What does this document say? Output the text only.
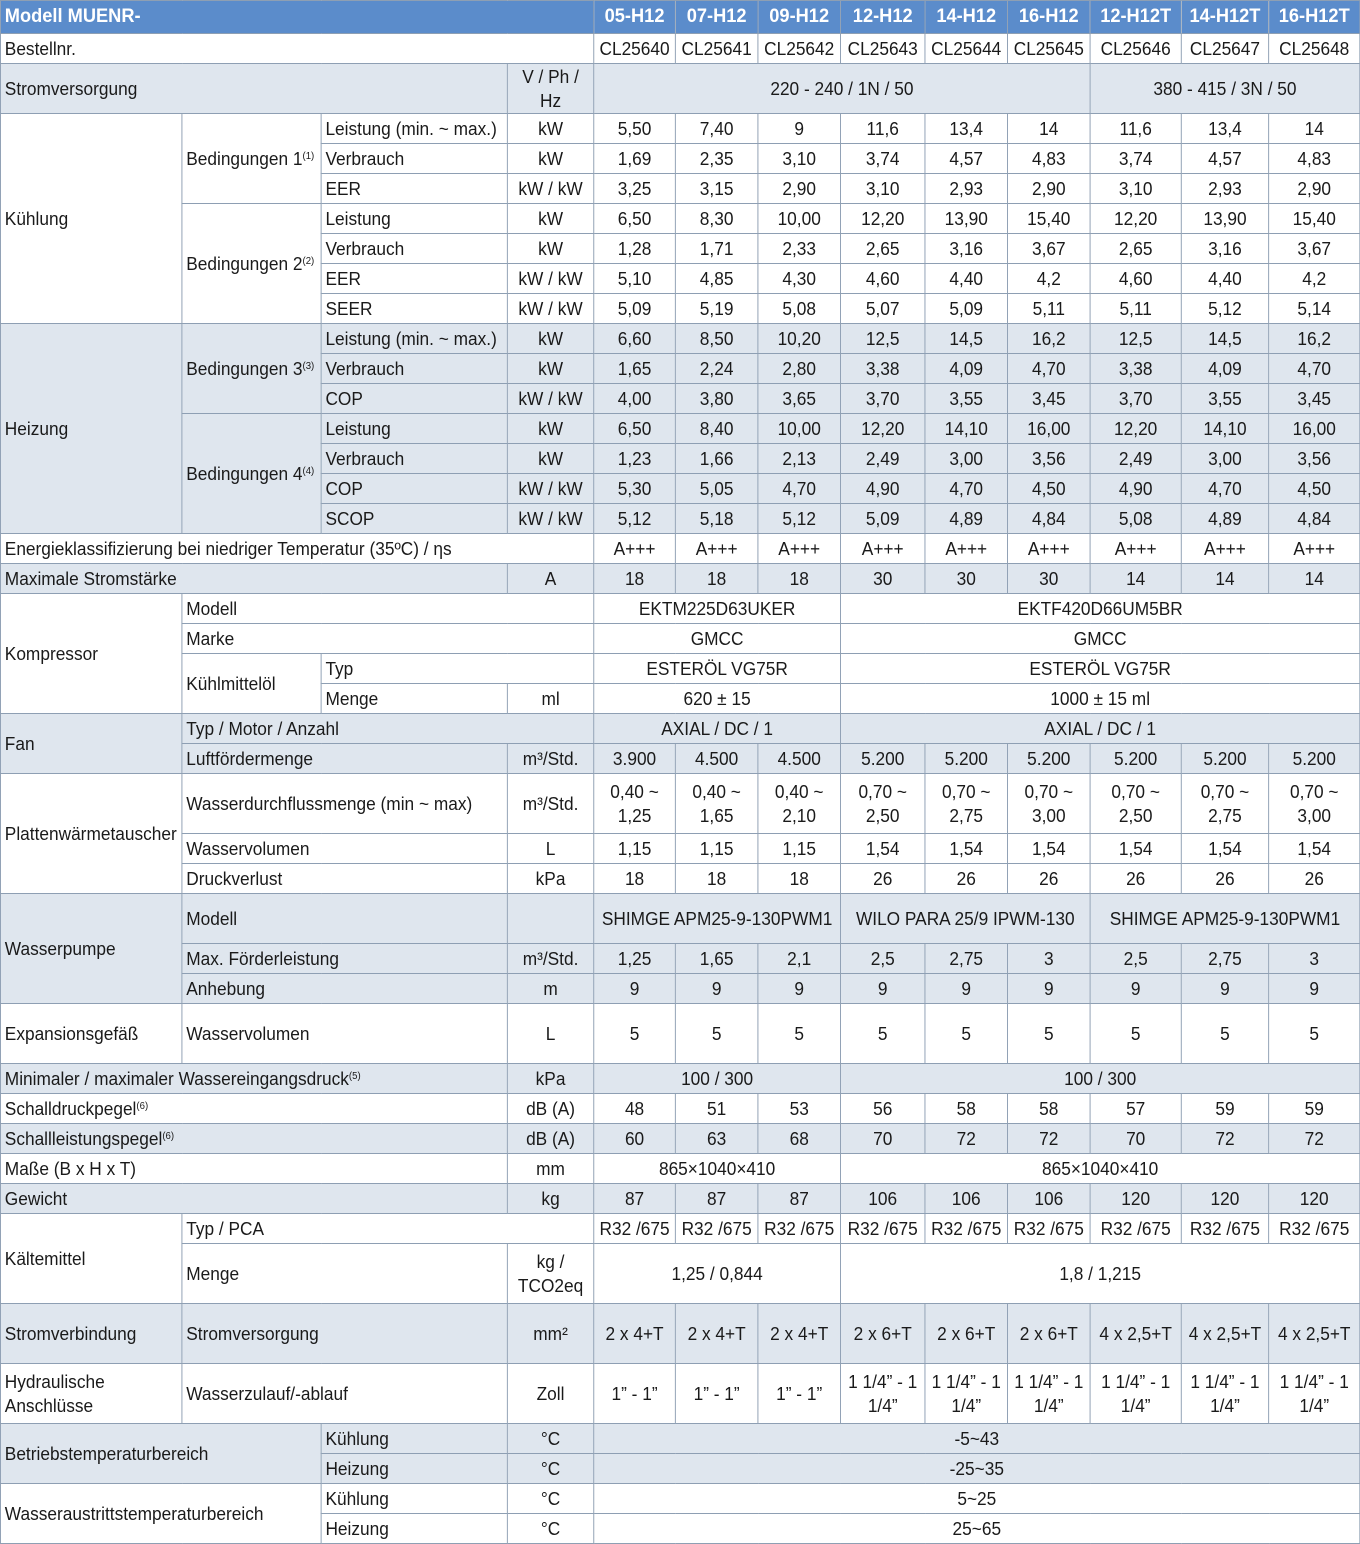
Modell MUENR-				05-H12	07-H12	09-H12	12-H12	14-H12	16-H12	12-H12T	14-H12T	16-H12T
Bestellnr.				CL25640	CL25641	CL25642	CL25643	CL25644	CL25645	CL25646	CL25647	CL25648
Stromversorgung			V / Ph / Hz	220 - 240 / 1N / 50						380 - 415 / 3N / 50		
Kühlung	Bedingungen 1$^{(1)}$	Leistung (min. ~ max.)	kW	5,50	7,40	9	11,6	13,4	14	11,6	13,4	14
		Verbrauch	kW	1,69	2,35	3,10	3,74	4,57	4,83	3,74	4,57	4,83
		EER	kW / kW	3,25	3,15	2,90	3,10	2,93	2,90	3,10	2,93	2,90
	Bedingungen 2$^{(2)}$	Leistung	kW	6,50	8,30	10,00	12,20	13,90	15,40	12,20	13,90	15,40
		Verbrauch	kW	1,28	1,71	2,33	2,65	3,16	3,67	2,65	3,16	3,67
		EER	kW / kW	5,10	4,85	4,30	4,60	4,40	4,2	4,60	4,40	4,2
		SEER	kW / kW	5,09	5,19	5,08	5,07	5,09	5,11	5,11	5,12	5,14
Heizung	Bedingungen 3$^{(3)}$	Leistung (min. ~ max.)	kW	6,60	8,50	10,20	12,5	14,5	16,2	12,5	14,5	16,2
		Verbrauch	kW	1,65	2,24	2,80	3,38	4,09	4,70	3,38	4,09	4,70
		COP	kW / kW	4,00	3,80	3,65	3,70	3,55	3,45	3,70	3,55	3,45
	Bedingungen 4$^{(4)}$	Leistung	kW	6,50	8,40	10,00	12,20	14,10	16,00	12,20	14,10	16,00
		Verbrauch	kW	1,23	1,66	2,13	2,49	3,00	3,56	2,49	3,00	3,56
		COP	kW / kW	5,30	5,05	4,70	4,90	4,70	4,50	4,90	4,70	4,50
		SCOP	kW / kW	5,12	5,18	5,12	5,09	4,89	4,84	5,08	4,89	4,84
Energieklassifizierung bei niedriger Temperatur (35ºC) / ηs				A+++	A+++	A+++	A+++	A+++	A+++	A+++	A+++	A+++
Maximale Stromstärke			A	18	18	18	30	30	30	14	14	14
Kompressor	Modell			EKTM225D63UKER			EKTF420D66UM5BR					
	Marke			GMCC			GMCC					
	Kühlmittelöl	Typ		ESTERÖL VG75R			ESTERÖL VG75R					
		Menge	ml	620 ± 15			1000 ± 15 ml					
Fan	Typ / Motor / Anzahl			AXIAL / DC / 1			AXIAL / DC / 1					
	Luftfördermenge		m³/Std.	3.900	4.500	4.500	5.200	5.200	5.200	5.200	5.200	5.200
Plattenwärmetauscher	Wasserdurchflussmenge (min ~ max)		m³/Std.	0,40 ~ 1,25	0,40 ~ 1,65	0,40 ~ 2,10	0,70 ~ 2,50	0,70 ~ 2,75	0,70 ~ 3,00	0,70 ~ 2,50	0,70 ~ 2,75	0,70 ~ 3,00
	Wasservolumen		L	1,15	1,15	1,15	1,54	1,54	1,54	1,54	1,54	1,54
	Druckverlust		kPa	18	18	18	26	26	26	26	26	26
Wasserpumpe	Modell			SHIMGE APM25-9-130PWM1			WILO PARA 25/9 IPWM-130			SHIMGE APM25-9-130PWM1		
	Max. Förderleistung		m³/Std.	1,25	1,65	2,1	2,5	2,75	3	2,5	2,75	3
	Anhebung		m	9	9	9	9	9	9	9	9	9
Expansionsgefäß	Wasservolumen		L	5	5	5	5	5	5	5	5	5
Minimaler / maximaler Wassereingangsdruck$^{(5)}$			kPa	100 / 300			100 / 300					
Schalldruckpegel$^{(6)}$			dB (A)	48	51	53	56	58	58	57	59	59
Schallleistungspegel$^{(6)}$			dB (A)	60	63	68	70	72	72	70	72	72
Maße (B x H x T)			mm	865×1040×410			865×1040×410					
Gewicht			kg	87	87	87	106	106	106	120	120	120
Kältemittel	Typ / PCA			R32 /675	R32 /675	R32 /675	R32 /675	R32 /675	R32 /675	R32 /675	R32 /675	R32 /675
	Menge		kg / TCO2eq	1,25 / 0,844			1,8 / 1,215					
Stromverbindung	Stromversorgung		mm²	2 x 4+T	2 x 4+T	2 x 4+T	2 x 6+T	2 x 6+T	2 x 6+T	4 x 2,5+T	4 x 2,5+T	4 x 2,5+T
Hydraulische Anschlüsse	Wasserzulauf/-ablauf		Zoll	1” - 1”	1” - 1”	1” - 1”	1 1/4” - 1 1/4”	1 1/4” - 1 1/4”	1 1/4” - 1 1/4”	1 1/4” - 1 1/4”	1 1/4” - 1 1/4”	1 1/4” - 1 1/4”
Betriebstemperaturbereich		Kühlung	°C	-5~43								
		Heizung	°C	-25~35								
Wasseraustrittstemperaturbereich		Kühlung	°C	5~25								
		Heizung	°C	25~65								
